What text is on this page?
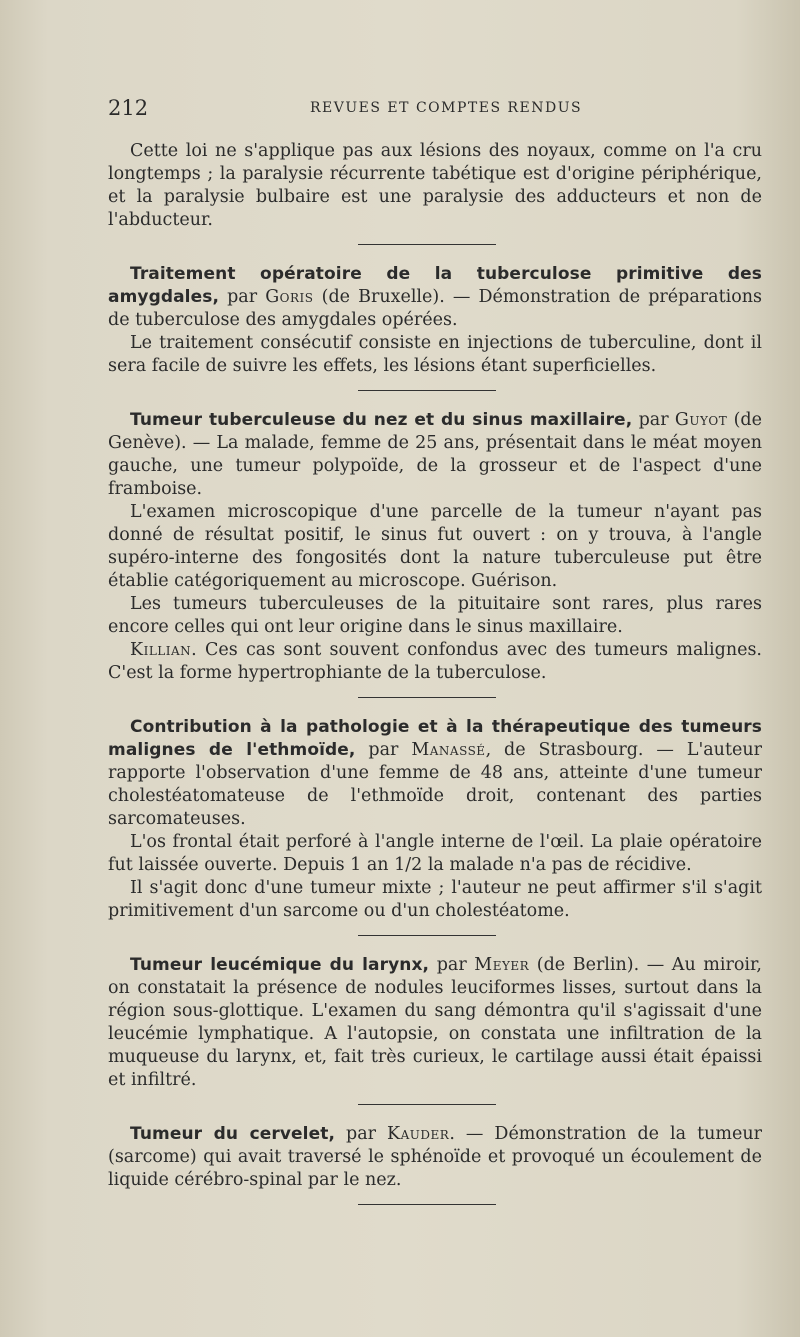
212	REVUES ET COMPTES RENDUS

Cette loi ne s'applique pas aux lésions des noyaux, comme on l'a cru longtemps ; la paralysie récurrente tabétique est d'origine périphérique, et la paralysie bulbaire est une paralysie des adducteurs et non de l'abducteur.

Traitement opératoire de la tuberculose primitive des amygdales, par Goris (de Bruxelle). — Démonstration de préparations de tuberculose des amygdales opérées.

Le traitement consécutif consiste en injections de tuberculine, dont il sera facile de suivre les effets, les lésions étant superficielles.

Tumeur tuberculeuse du nez et du sinus maxillaire, par Guyot (de Genève). — La malade, femme de 25 ans, présentait dans le méat moyen gauche, une tumeur polypoïde, de la grosseur et de l'aspect d'une framboise.

L'examen microscopique d'une parcelle de la tumeur n'ayant pas donné de résultat positif, le sinus fut ouvert : on y trouva, à l'angle supéro-interne des fongosités dont la nature tuberculeuse put être établie catégoriquement au microscope. Guérison.

Les tumeurs tuberculeuses de la pituitaire sont rares, plus rares encore celles qui ont leur origine dans le sinus maxillaire.

Killian. Ces cas sont souvent confondus avec des tumeurs malignes. C'est la forme hypertrophiante de la tuberculose.

Contribution à la pathologie et à la thérapeutique des tumeurs malignes de l'ethmoïde, par Manassé, de Strasbourg. — L'auteur rapporte l'observation d'une femme de 48 ans, atteinte d'une tumeur cholestéatomateuse de l'ethmoïde droit, contenant des parties sarcomateuses.

L'os frontal était perforé à l'angle interne de l'œil. La plaie opératoire fut laissée ouverte. Depuis 1 an 1/2 la malade n'a pas de récidive.

Il s'agit donc d'une tumeur mixte ; l'auteur ne peut affirmer s'il s'agit primitivement d'un sarcome ou d'un cholestéatome.

Tumeur leucémique du larynx, par Meyer (de Berlin). — Au miroir, on constatait la présence de nodules leuciformes lisses, surtout dans la région sous-glottique. L'examen du sang démontra qu'il s'agissait d'une leucémie lymphatique. A l'autopsie, on constata une infiltration de la muqueuse du larynx, et, fait très curieux, le cartilage aussi était épaissi et infiltré.

Tumeur du cervelet, par Kauder. — Démonstration de la tumeur (sarcome) qui avait traversé le sphénoïde et provoqué un écoulement de liquide cérébro-spinal par le nez.
